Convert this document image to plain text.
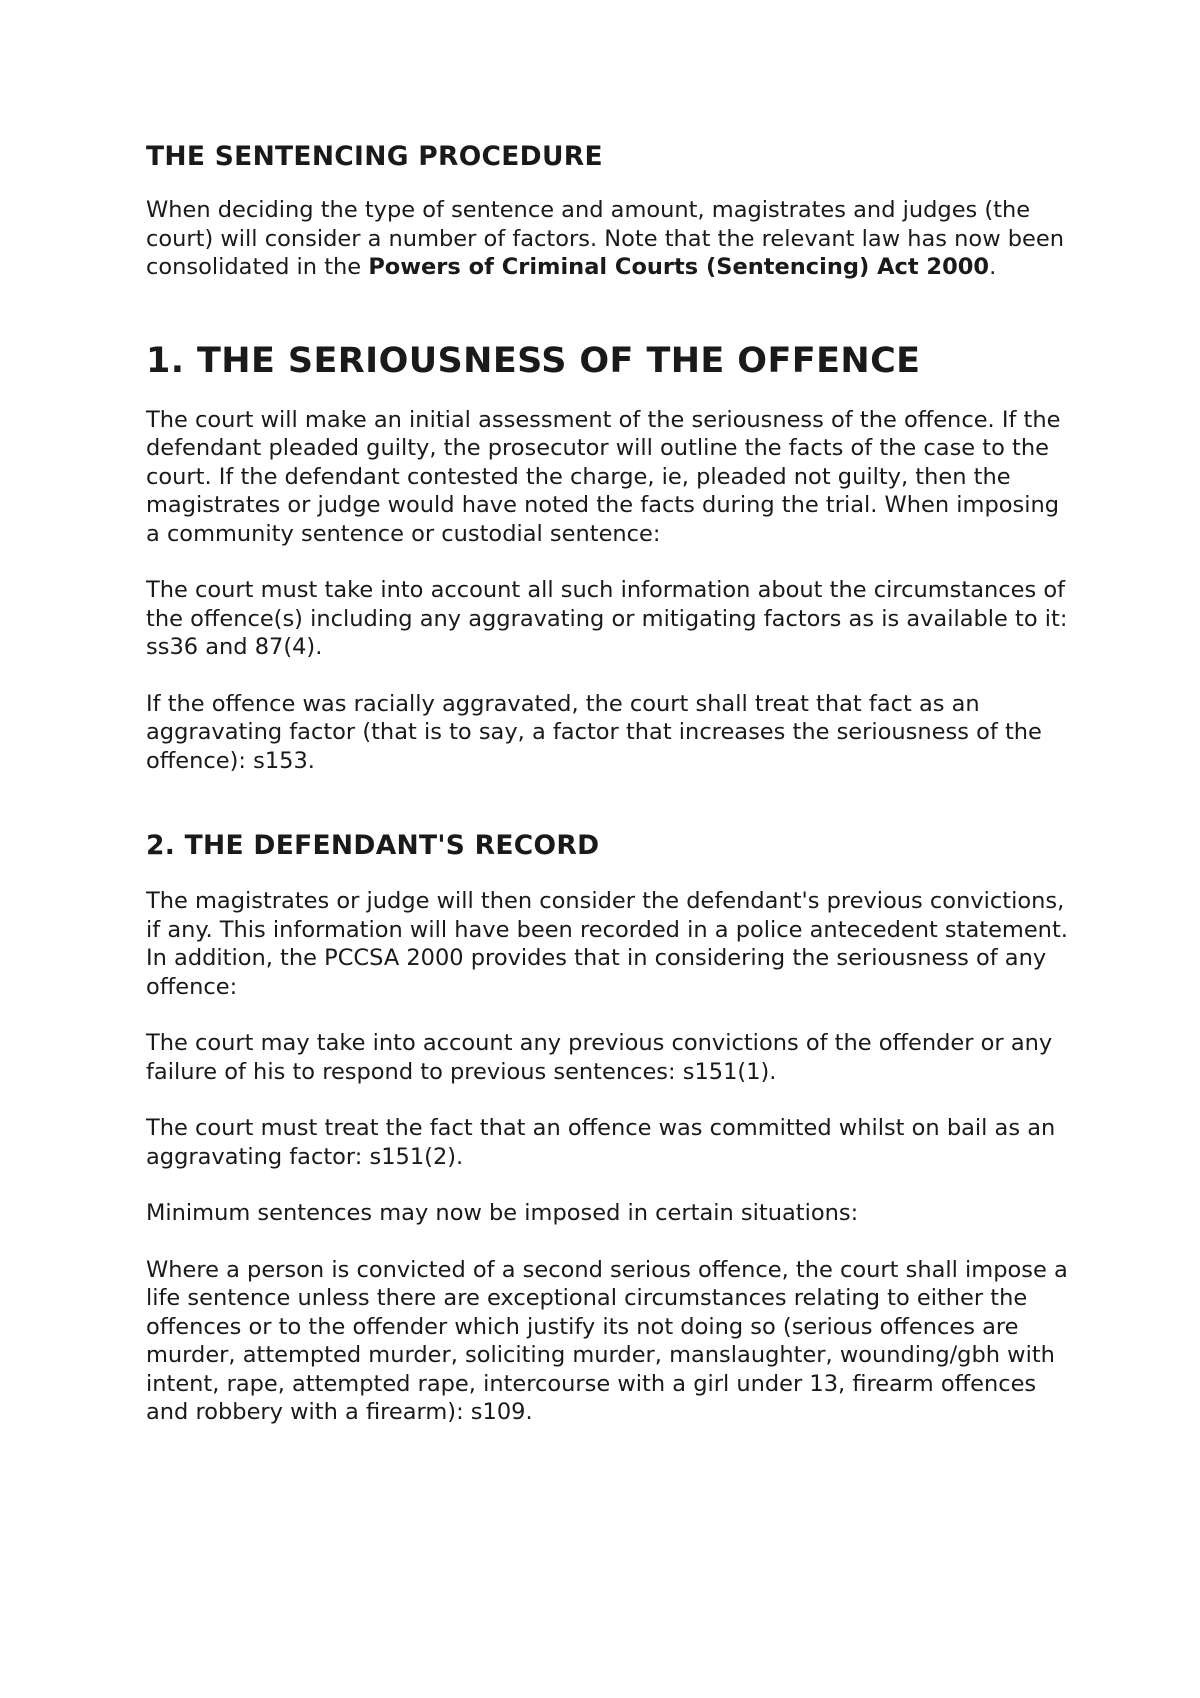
THE SENTENCING PROCEDURE

When deciding the type of sentence and amount, magistrates and judges (the court) will consider a number of factors. Note that the relevant law has now been consolidated in the Powers of Criminal Courts (Sentencing) Act 2000.

1. THE SERIOUSNESS OF THE OFFENCE

The court will make an initial assessment of the seriousness of the offence. If the defendant pleaded guilty, the prosecutor will outline the facts of the case to the court. If the defendant contested the charge, ie, pleaded not guilty, then the magistrates or judge would have noted the facts during the trial. When imposing a community sentence or custodial sentence:

The court must take into account all such information about the circumstances of the offence(s) including any aggravating or mitigating factors as is available to it: ss36 and 87(4).

If the offence was racially aggravated, the court shall treat that fact as an aggravating factor (that is to say, a factor that increases the seriousness of the offence): s153.

2. THE DEFENDANT'S RECORD

The magistrates or judge will then consider the defendant's previous convictions, if any. This information will have been recorded in a police antecedent statement. In addition, the PCCSA 2000 provides that in considering the seriousness of any offence:

The court may take into account any previous convictions of the offender or any failure of his to respond to previous sentences: s151(1).

The court must treat the fact that an offence was committed whilst on bail as an aggravating factor: s151(2).

Minimum sentences may now be imposed in certain situations:

Where a person is convicted of a second serious offence, the court shall impose a life sentence unless there are exceptional circumstances relating to either the offences or to the offender which justify its not doing so (serious offences are murder, attempted murder, soliciting murder, manslaughter, wounding/gbh with intent, rape, attempted rape, intercourse with a girl under 13, firearm offences and robbery with a firearm): s109.
